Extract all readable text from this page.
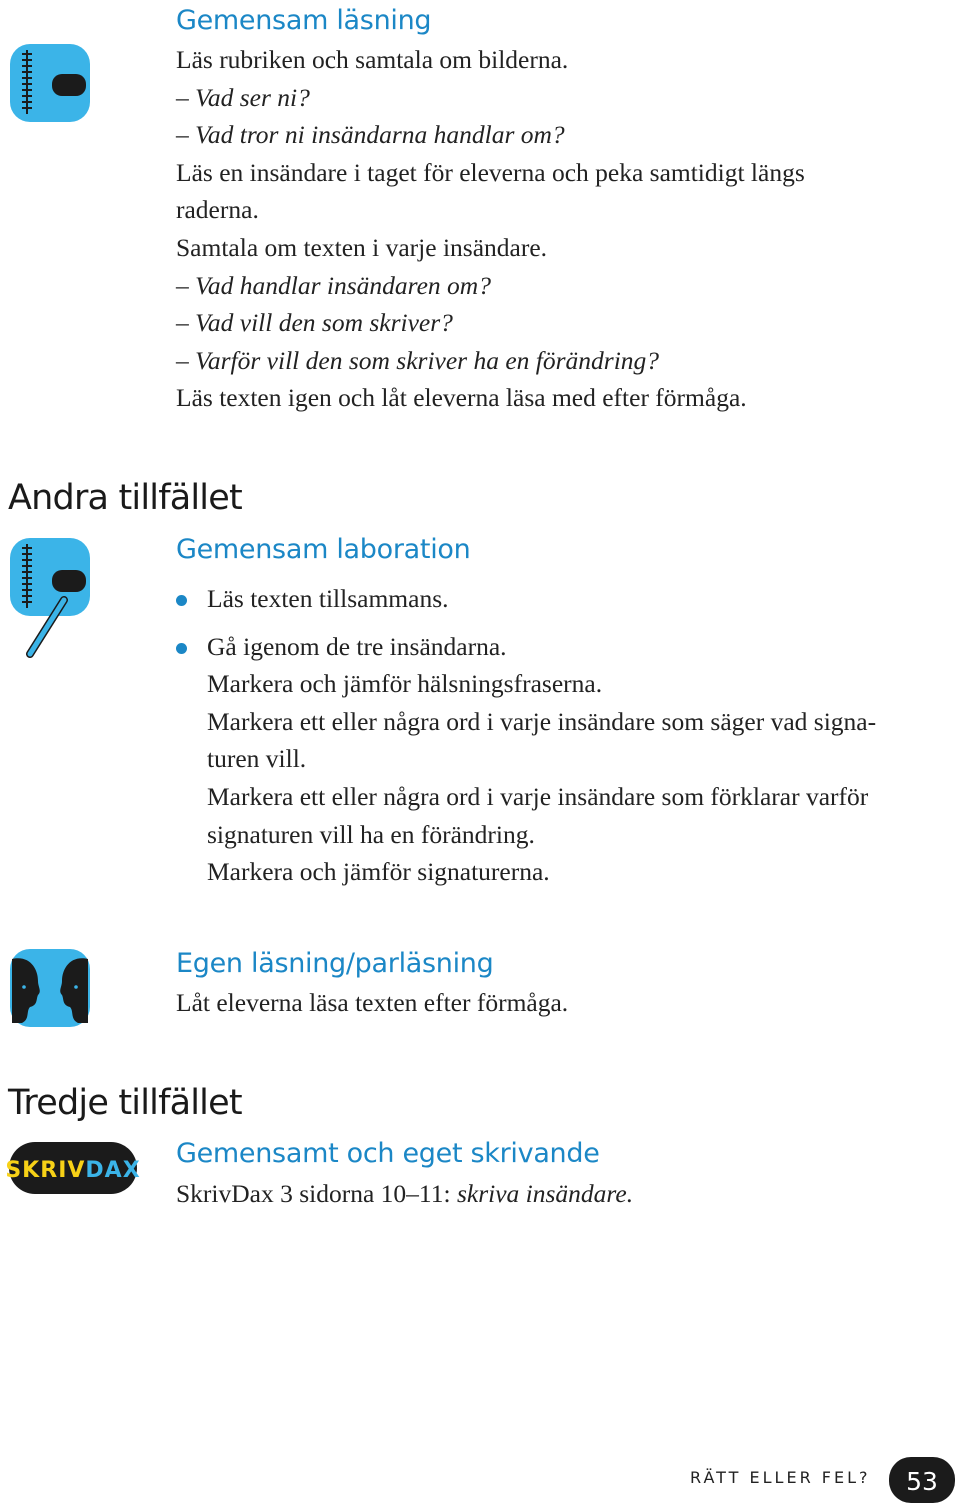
Gemensam läsning
Läs rubriken och samtala om bilderna.
– Vad ser ni?
– Vad tror ni insändarna handlar om?
Läs en insändare i taget för eleverna och peka samtidigt längs
raderna.
Samtala om texten i varje insändare.
– Vad handlar insändaren om?
– Vad vill den som skriver?
– Varför vill den som skriver ha en förändring?
Läs texten igen och låt eleverna läsa med efter förmåga.
Andra tillfället
Gemensam laboration
Läs texten tillsammans.
Gå igenom de tre insändarna.
Markera och jämför hälsningsfraserna.
Markera ett eller några ord i varje insändare som säger vad signa-
turen vill.
Markera ett eller några ord i varje insändare som förklarar varför
signaturen vill ha en förändring.
Markera och jämför signaturerna.
Egen läsning/parläsning
Låt eleverna läsa texten efter förmåga.
Tredje tillfället
SKRIVDAX
Gemensamt och eget skrivande
SkrivDax 3 sidorna 10–11: skriva insändare.
RÄTT ELLER FEL?	53
